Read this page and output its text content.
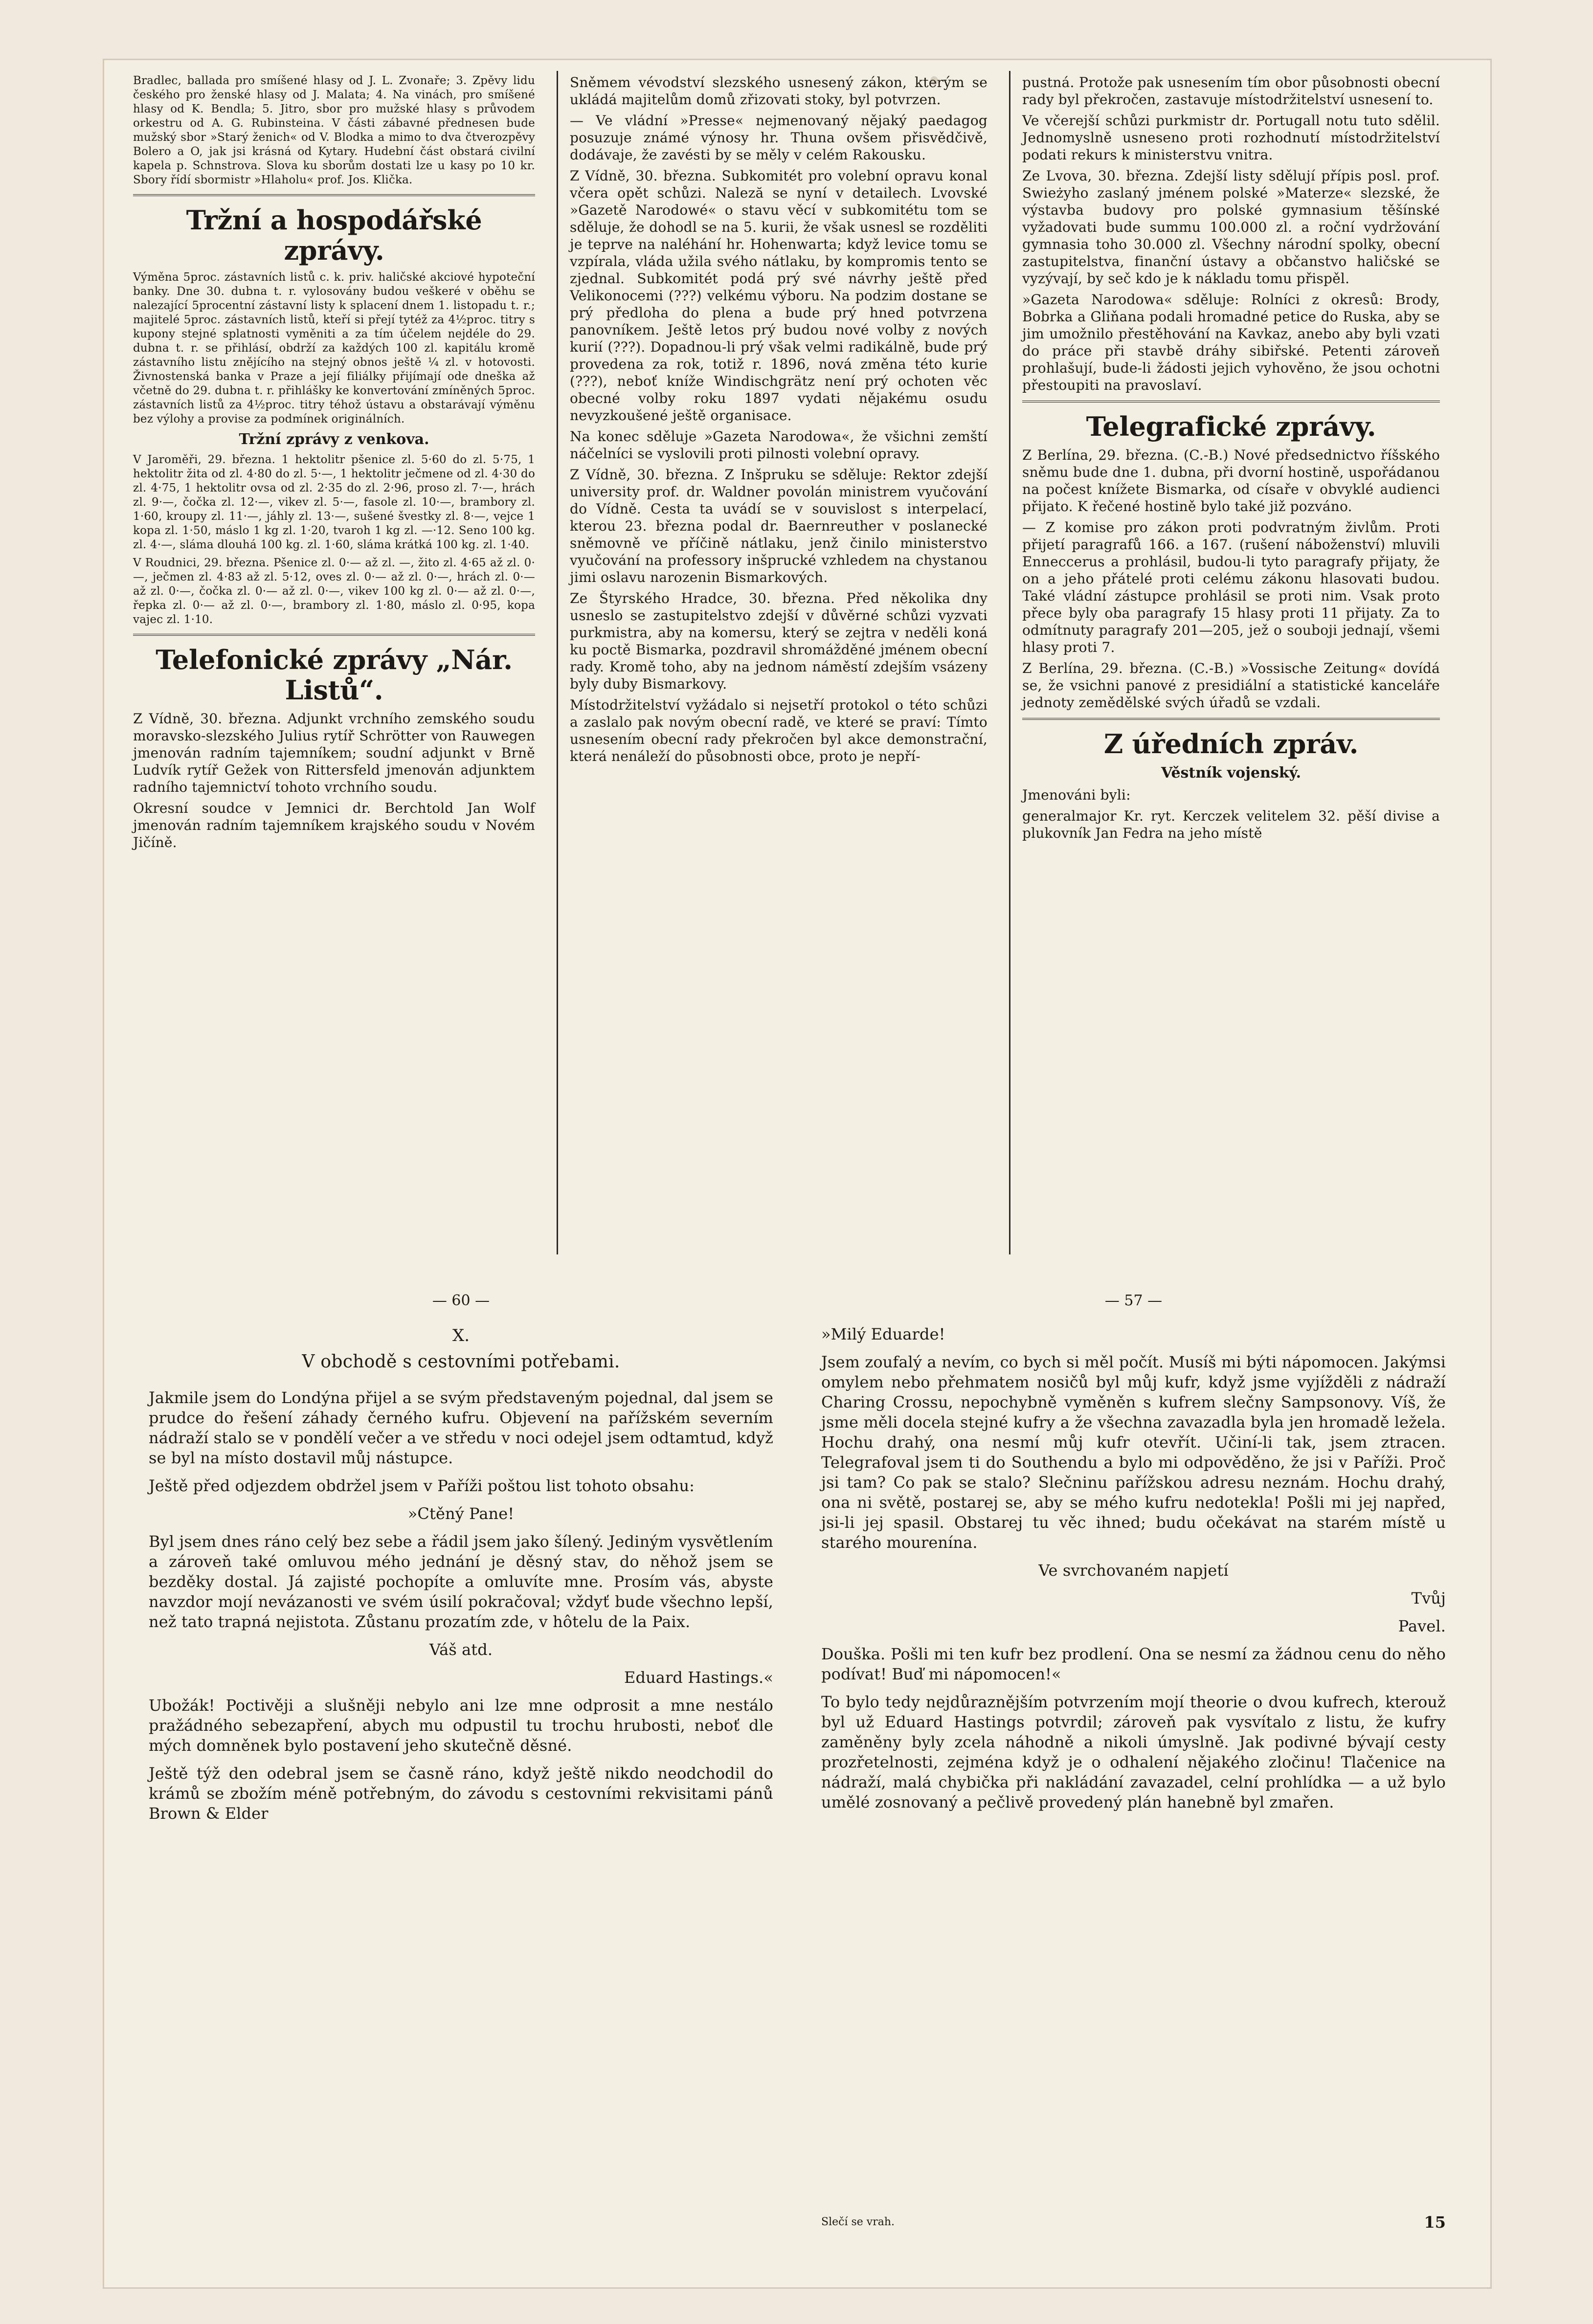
Bradlec, ballada pro smíšené hlasy od J. L. Zvonaře; 3. Zpěvy lidu českého pro ženské hlasy od J. Malata; 4. Na vinách, pro smíšené hlasy od K. Bendla; 5. Jitro, sbor pro mužské hlasy s průvodem orkestru od A. G. Rubinsteina. V části zábavné přednesen bude mužský sbor »Starý ženich« od V. Blodka a mimo to dva čtverozpěvy Bolero a O, jak jsi krásná od Kytary. Hudební část obstará civilní kapela p. Schnstrova. Slova ku sborům dostati lze u kasy po 10 kr. Sbory řídí sbormistr »Hlaholu« prof. Jos. Klička.
Tržní a hospodářské zprávy.
Výměna 5proc. zástavních listů c. k. priv. haličské akciové hypoteční banky. Dne 30. dubna t. r. vylosovány budou veškeré v oběhu se nalezající 5procentní zástavní listy k splacení dnem 1. listopadu t. r.; majitelé 5proc. zástavních listů, kteří si přejí tytéž za 4½proc. titry s kupony stejné splatnosti vyměniti a za tím účelem nejdéle do 29. dubna t. r. se přihlásí, obdrží za každých 100 zl. kapitálu kromě zástavního listu znějícího na stejný obnos ještě ¼ zl. v hotovosti. Živnostenská banka v Praze a její filiálky přijímají ode dneška až včetně do 29. dubna t. r. přihlášky ke konvertování zmíněných 5proc. zástavních listů za 4½proc. titry téhož ústavu a obstarávají výměnu bez výlohy a provise za podmínek originálních.
Tržní zprávy z venkova.
V Jaroměři, 29. března. 1 hektolitr pšenice zl. 5·60 do zl. 5·75, 1 hektolitr žita od zl. 4·80 do zl. 5·—, 1 hektolitr ječmene od zl. 4·30 do zl. 4·75, 1 hektolitr ovsa od zl. 2·35 do zl. 2·96, proso zl. 7·—, hrách zl. 9·—, čočka zl. 12·—, vikev zl. 5·—, fasole zl. 10·—, brambory zl. 1·60, kroupy zl. 11·—, jáhly zl. 13·—, sušené švestky zl. 8·—, vejce 1 kopa zl. 1·50, máslo 1 kg zl. 1·20, tvaroh 1 kg zl. —·12. Seno 100 kg. zl. 4·—, sláma dlouhá 100 kg. zl. 1·60, sláma krátká 100 kg. zl. 1·40.
V Roudnici, 29. března. Pšenice zl. 0·— až zl. —, žito zl. 4·65 až zl. 0·—, ječmen zl. 4·83 až zl. 5·12, oves zl. 0·— až zl. 0·—, hrách zl. 0·— až zl. 0·—, čočka zl. 0·— až zl. 0·—, vikev 100 kg zl. 0·— až zl. 0·—, řepka zl. 0·— až zl. 0·—, brambory zl. 1·80, máslo zl. 0·95, kopa vajec zl. 1·10.
Telefonické zprávy „Nár. Listů“.
Z Vídně, 30. března. Adjunkt vrchního zemského soudu moravsko-slezského Julius rytíř Schrötter von Rauwegen jmenován radním tajemníkem; soudní adjunkt v Brně Ludvík rytíř Gežek von Rittersfeld jmenován adjunktem radního tajemnictví tohoto vrchního soudu.
Okresní soudce v Jemnici dr. Berchtold Jan Wolf jmenován radním tajemníkem krajského soudu v Novém Jičíně.
Sněmem vévodství slezského usnesený zákon, kterým se ukládá majitelům domů zřizovati stoky, byl potvrzen.
— Ve vládní »Presse« nejmenovaný nějaký paedagog posuzuje známé výnosy hr. Thuna ovšem přisvědčivě, dodávaje, že zavésti by se měly v celém Rakousku.
Z Vídně, 30. března. Subkomitét pro volební opravu konal včera opět schůzi. Naleză se nyní v detailech. Lvovské »Gazetě Narodowé« o stavu věcí v subkomitétu tom se sděluje, že dohodl se na 5. kurii, že však usnesl se rozděliti je teprve na naléhání hr. Hohenwarta; když levice tomu se vzpírala, vláda užila svého nátlaku, by kompromis tento se zjednal. Subkomitét podá prý své návrhy ještě před Velikonocemi (???) velkému výboru. Na podzim dostane se prý předloha do plena a bude prý hned potvrzena panovníkem. Ještě letos prý budou nové volby z nových kurií (???). Dopadnou-li prý však velmi radikálně, bude prý provedena za rok, totiž r. 1896, nová změna této kurie (???), neboť kníže Windischgrätz není prý ochoten věc obecné volby roku 1897 vydati nějakému osudu nevyzkoušené ještě organisace.
Na konec sděluje »Gazeta Narodowa«, že všichni zemští náčelníci se vyslovili proti pilnosti volební opravy.
Z Vídně, 30. března. Z Inšpruku se sděluje: Rektor zdejší university prof. dr. Waldner povolán ministrem vyučování do Vídně. Cesta ta uvádí se v souvislost s interpelací, kterou 23. března podal dr. Baernreuther v poslanecké sněmovně ve příčině nátlaku, jenž činilo ministerstvo vyučování na professory inšprucké vzhledem na chystanou jimi oslavu narozenin Bismarkových.
Ze Štyrského Hradce, 30. března. Před několika dny usneslo se zastupitelstvo zdejší v důvěrné schůzi vyzvati purkmistra, aby na komersu, který se zejtra v neděli koná ku poctě Bismarka, pozdravil shromážděné jménem obecní rady. Kromě toho, aby na jednom náměstí zdejším vsázeny byly duby Bismarkovy.
Místodržitelství vyžádalo si nejsetří protokol o této schůzi a zaslalo pak novým obecní radě, ve které se praví: Tímto usnesením obecní rady překročen byl akce demonstrační, která nenáleží do působnosti obce, proto je nepří-
pustná. Protože pak usnesením tím obor působnosti obecní rady byl překročen, zastavuje místodržitelství usnesení to.
Ve včerejší schůzi purkmistr dr. Portugall notu tuto sdělil. Jednomyslně usneseno proti rozhodnutí místodržitelství podati rekurs k ministerstvu vnitra.
Ze Lvova, 30. března. Zdejší listy sdělují přípis posl. prof. Swieżyho zaslaný jménem polské »Materze« slezské, že výstavba budovy pro polské gymnasium těšínské vyžadovati bude summu 100.000 zl. a roční vydržování gymnasia toho 30.000 zl. Všechny národní spolky, obecní zastupitelstva, finanční ústavy a občanstvo haličské se vyzývají, by seč kdo je k nákladu tomu přispěl.
»Gazeta Narodowa« sděluje: Rolníci z okresů: Brody, Bobrka a Gliňana podali hromadné petice do Ruska, aby se jim umožnilo přestěhování na Kavkaz, anebo aby byli vzati do práce při stavbě dráhy sibiřské. Petenti zároveň prohlašují, bude-li žádosti jejich vyhověno, že jsou ochotni přestoupiti na pravoslaví.
Telegrafické zprávy.
Z Berlína, 29. března. (C.-B.) Nové předsednictvo říšského sněmu bude dne 1. dubna, při dvorní hostině, uspořádanou na počest knížete Bismarka, od císaře v obvyklé audienci přijato. K řečené hostině bylo také již pozváno.
— Z komise pro zákon proti podvratným živlům. Proti přijetí paragrafů 166. a 167. (rušení náboženství) mluvili Enneccerus a prohlásil, budou-li tyto paragrafy přijaty, že on a jeho přátelé proti celému zákonu hlasovati budou. Také vládní zástupce prohlásil se proti nim. Vsak proto přece byly oba paragrafy 15 hlasy proti 11 přijaty. Za to odmítnuty paragrafy 201—205, jež o souboji jednají, všemi hlasy proti 7.
Z Berlína, 29. března. (C.-B.) »Vossische Zeitung« dovídá se, že vsichni panové z presidiální a statistické kanceláře jednoty zemědělské svých úřadů se vzdali.
Z úředních zpráv.
Věstník vojenský.
Jmenováni byli:
generalmajor Kr. ryt. Kerczek velitelem 32. pěší divise a plukovník Jan Fedra na jeho místě
— 60 —
X.
V obchodě s cestovními potřebami.
Jakmile jsem do Londýna přijel a se svým představeným pojednal, dal jsem se prudce do řešení záhady černého kufru. Objevení na pařížském severním nádraží stalo se v pondělí večer a ve středu v noci odejel jsem odtamtud, když se byl na místo dostavil můj nástupce.
Ještě před odjezdem obdržel jsem v Paříži poštou list tohoto obsahu:
»Ctěný Pane!
Byl jsem dnes ráno celý bez sebe a řádil jsem jako šílený. Jediným vysvětlením a zároveň také omluvou mého jednání je děsný stav, do něhož jsem se bezděky dostal. Já zajisté pochopíte a omluvíte mne. Prosím vás, abyste navzdor mojí nevázanosti ve svém úsilí pokračoval; vždyť bude všechno lepší, než tato trapná nejistota. Zůstanu prozatím zde, v hôtelu de la Paix.
Váš atd.
Eduard Hastings.«
Ubožák! Poctivěji a slušněji nebylo ani lze mne odprosit a mne nestálo pražádného sebezapření, abych mu odpustil tu trochu hrubosti, neboť dle mých domněnek bylo postavení jeho skutečně děsné.
Ještě týž den odebral jsem se časně ráno, když ještě nikdo neodchodil do krámů se zbožím méně potřebným, do závodu s cestovními rekvisitami pánů Brown & Elder
— 57 —
»Milý Eduarde!
Jsem zoufalý a nevím, co bych si měl počít. Musíš mi býti nápomocen. Jakýmsi omylem nebo přehmatem nosičů byl můj kufr, když jsme vyjížděli z nádraží Charing Crossu, nepochybně vyměněn s kufrem slečny Sampsonovy. Víš, že jsme měli docela stejné kufry a že všechna zavazadla byla jen hromadě ležela. Hochu drahý, ona nesmí můj kufr otevřít. Učiní-li tak, jsem ztracen. Telegrafoval jsem ti do Southendu a bylo mi odpověděno, že jsi v Paříži. Proč jsi tam? Co pak se stalo? Slečninu pařížskou adresu neznám. Hochu drahý, ona ni světě, postarej se, aby se mého kufru nedotekla! Pošli mi jej napřed, jsi-li jej spasil. Obstarej tu věc ihned; budu očekávat na starém místě u starého mourenína.
Ve svrchovaném napjetí
Tvůj
Pavel.
Douška. Pošli mi ten kufr bez prodlení. Ona se nesmí za žádnou cenu do něho podívat! Buď mi nápomocen!«
To bylo tedy nejdůraznějším potvrzením mojí theorie o dvou kufrech, kterouž byl už Eduard Hastings potvrdil; zároveň pak vysvítalo z listu, že kufry zaměněny byly zcela náhodně a nikoli úmyslně. Jak podivné bývají cesty prozřetelnosti, zejména když je o odhalení nějakého zločinu! Tlačenice na nádraží, malá chybička při nakládání zavazadel, celní prohlídka — a už bylo umělé zosnovaný a pečlivě provedený plán hanebně byl zmařen.
Slečí se vrah.	15
